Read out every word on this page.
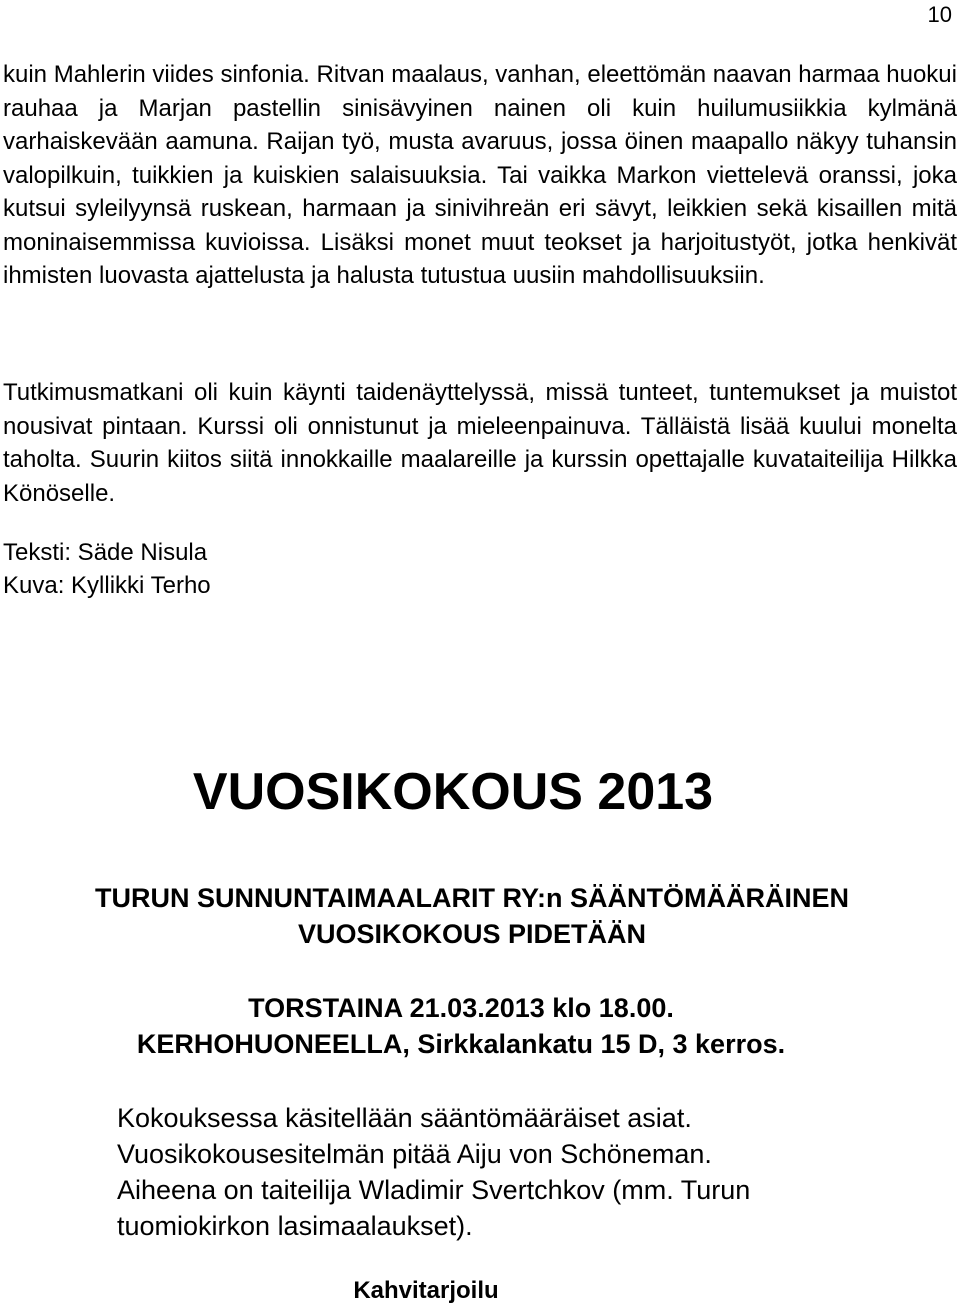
10

kuin Mahlerin viides sinfonia. Ritvan maalaus, vanhan, eleettömän naavan harmaa huokui rauhaa ja Marjan pastellin sinisävyinen nainen oli kuin huilumusiikkia kylmänä varhaiskevään aamuna. Raijan työ, musta avaruus, jossa öinen maapallo näkyy tuhansin valopilkuin, tuikkien ja kuiskien salaisuuksia. Tai vaikka Markon viettelevä oranssi, joka kutsui syleilyynsä ruskean, harmaan ja sinivihreän eri sävyt, leikkien sekä kisaillen mitä moninaisemmissa kuvioissa. Lisäksi monet muut teokset ja harjoitustyöt, jotka henkivät ihmisten luovasta ajattelusta ja halusta tutustua uusiin mahdollisuuksiin.

Tutkimusmatkani oli kuin käynti taidenäyttelyssä, missä tunteet, tuntemukset ja muistot nousivat pintaan. Kurssi oli onnistunut ja mieleenpainuva. Tälläistä lisää kuului monelta taholta. Suurin kiitos siitä innokkaille maalareille ja kurssin opettajalle kuvataiteilija Hilkka Könöselle.

Teksti: Säde Nisula
Kuva: Kyllikki Terho
VUOSIKOKOUS 2013
TURUN SUNNUNTAIMAALARIT RY:n SÄÄNTÖMÄÄRÄINEN
VUOSIKOKOUS PIDETÄÄN
TORSTAINA 21.03.2013 klo 18.00.
KERHOHUONEELLA, Sirkkalankatu 15 D, 3 kerros.
Kokouksessa käsitellään sääntömääräiset asiat.
Vuosikokousesitelmän pitää Aiju von Schöneman.
Aiheena on taiteilija Wladimir Svertchkov (mm. Turun
tuomiokirkon lasimaalaukset).
Kahvitarjoilu
